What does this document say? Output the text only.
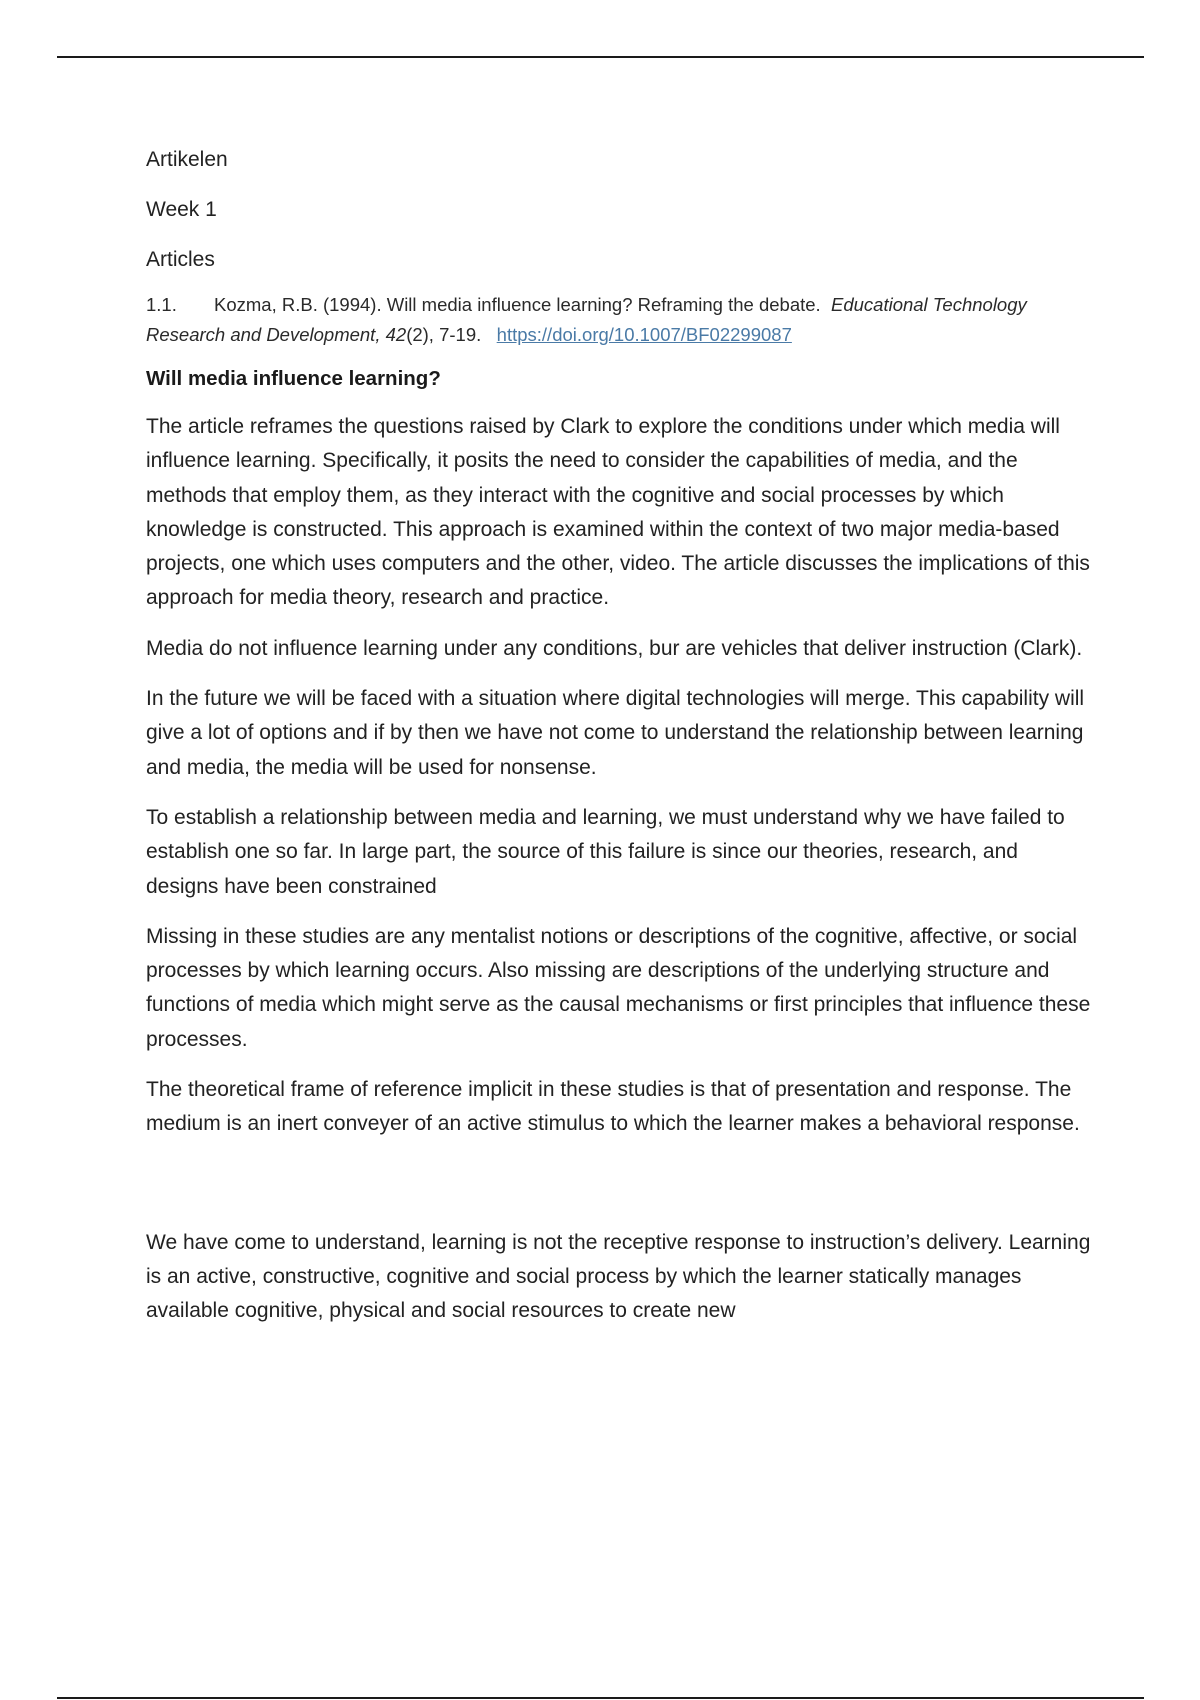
Artikelen
Week 1
Articles
1.1. Kozma, R.B. (1994). Will media influence learning? Reframing the debate. Educational Technology Research and Development, 42(2), 7-19. https://doi.org/10.1007/BF02299087
Will media influence learning?

The article reframes the questions raised by Clark to explore the conditions under which media will influence learning. Specifically, it posits the need to consider the capabilities of media, and the methods that employ them, as they interact with the cognitive and social processes by which knowledge is constructed. This approach is examined within the context of two major media-based projects, one which uses computers and the other, video. The article discusses the implications of this approach for media theory, research and practice.

Media do not influence learning under any conditions, bur are vehicles that deliver instruction (Clark).

In the future we will be faced with a situation where digital technologies will merge. This capability will give a lot of options and if by then we have not come to understand the relationship between learning and media, the media will be used for nonsense.

To establish a relationship between media and learning, we must understand why we have failed to establish one so far. In large part, the source of this failure is since our theories, research, and designs have been constrained

Missing in these studies are any mentalist notions or descriptions of the cognitive, affective, or social processes by which learning occurs. Also missing are descriptions of the underlying structure and functions of media which might serve as the causal mechanisms or first principles that influence these processes.

The theoretical frame of reference implicit in these studies is that of presentation and response. The medium is an inert conveyer of an active stimulus to which the learner makes a behavioral response.

We have come to understand, learning is not the receptive response to instruction’s delivery. Learning is an active, constructive, cognitive and social process by which the learner statically manages available cognitive, physical and social resources to create new
